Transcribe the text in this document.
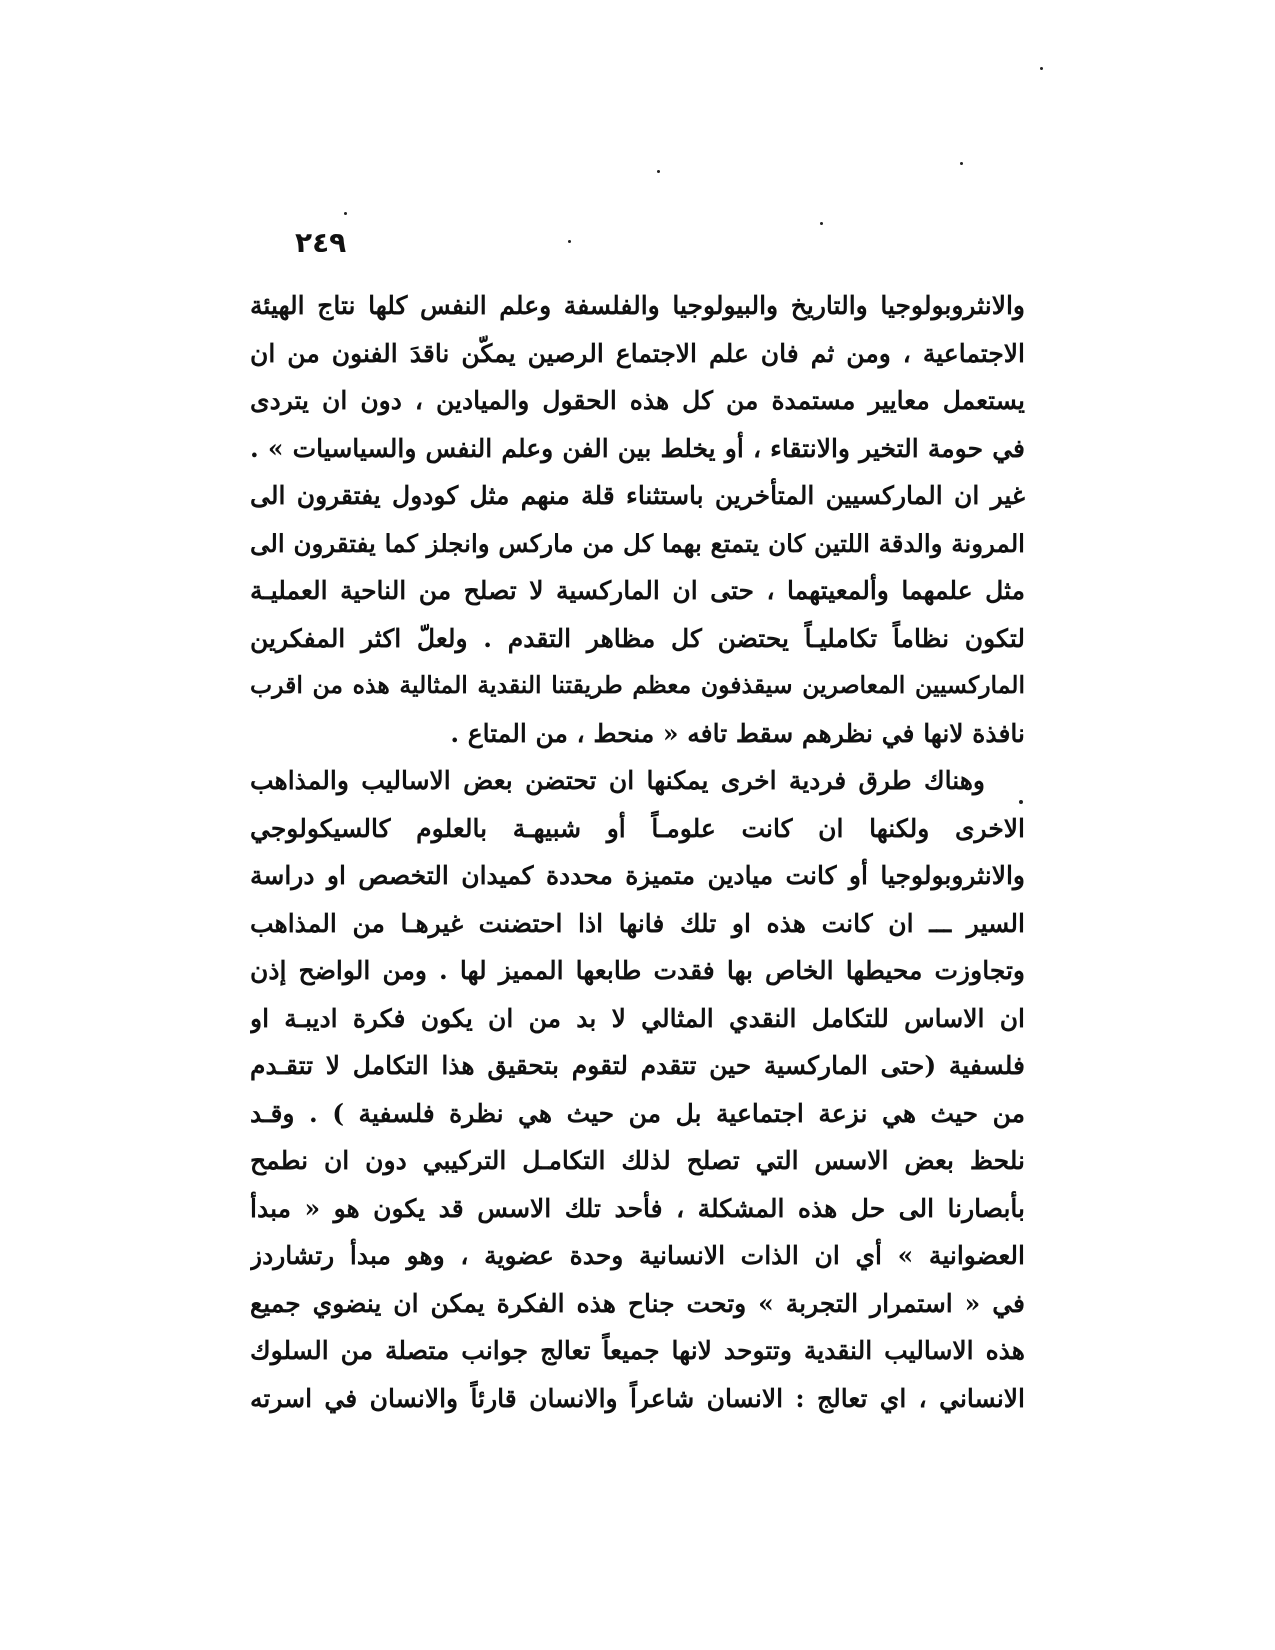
٢٤٩
والانثروبولوجيا والتاريخ والبيولوجيا والفلسفة وعلم النفس كلها نتاج الهيئة
الاجتماعية ، ومن ثم فان علم الاجتماع الرصين يمكّن ناقدَ الفنون من ان
يستعمل معايير مستمدة من كل هذه الحقول والميادين ، دون ان يتردى
في حومة التخير والانتقاء ، أو يخلط بين الفن وعلم النفس والسياسيات » .
غير ان الماركسيين المتأخرين باستثناء قلة منهم مثل كودول يفتقرون الى
المرونة والدقة اللتين كان يتمتع بهما كل من ماركس وانجلز كما يفتقرون الى
مثل علمهما وألمعيتهما ، حتى ان الماركسية لا تصلح من الناحية العمليـة
لتكون نظاماً تكامليـاً يحتضن كل مظاهر التقدم . ولعلّ اكثر المفكرين
الماركسيين المعاصرين سيقذفون معظم طريقتنا النقدية المثالية هذه من اقرب
نافذة لانها في نظرهم سقط تافه « منحط ، من المتاع .
وهناك طرق فردية اخرى يمكنها ان تحتضن بعض الاساليب والمذاهب
الاخرى ولكنها ان كانت علومـاً أو شبيهـة بالعلوم كالسيكولوجي
والانثروبولوجيا أو كانت ميادين متميزة محددة كميدان التخصص او دراسة
السير ـــ ان كانت هذه او تلك فانها اذا احتضنت غيرهـا من المذاهب
وتجاوزت محيطها الخاص بها فقدت طابعها المميز لها . ومن الواضح إذن
ان الاساس للتكامل النقدي المثالي لا بد من ان يكون فكرة اديبـة او
فلسفية (حتى الماركسية حين تتقدم لتقوم بتحقيق هذا التكامل لا تتقـدم
من حيث هي نزعة اجتماعية بل من حيث هي نظرة فلسفية ) . وقـد
نلحظ بعض الاسس التي تصلح لذلك التكامـل التركيبي دون ان نطمح
بأبصارنا الى حل هذه المشكلة ، فأحد تلك الاسس قد يكون هو « مبدأ
العضوانية » أي ان الذات الانسانية وحدة عضوية ، وهو مبدأ رتشاردز
في « استمرار التجربة » وتحت جناح هذه الفكرة يمكن ان ينضوي جميع
هذه الاساليب النقدية وتتوحد لانها جميعاً تعالج جوانب متصلة من السلوك
الانساني ، اي تعالج : الانسان شاعراً والانسان قارئاً والانسان في اسرته
